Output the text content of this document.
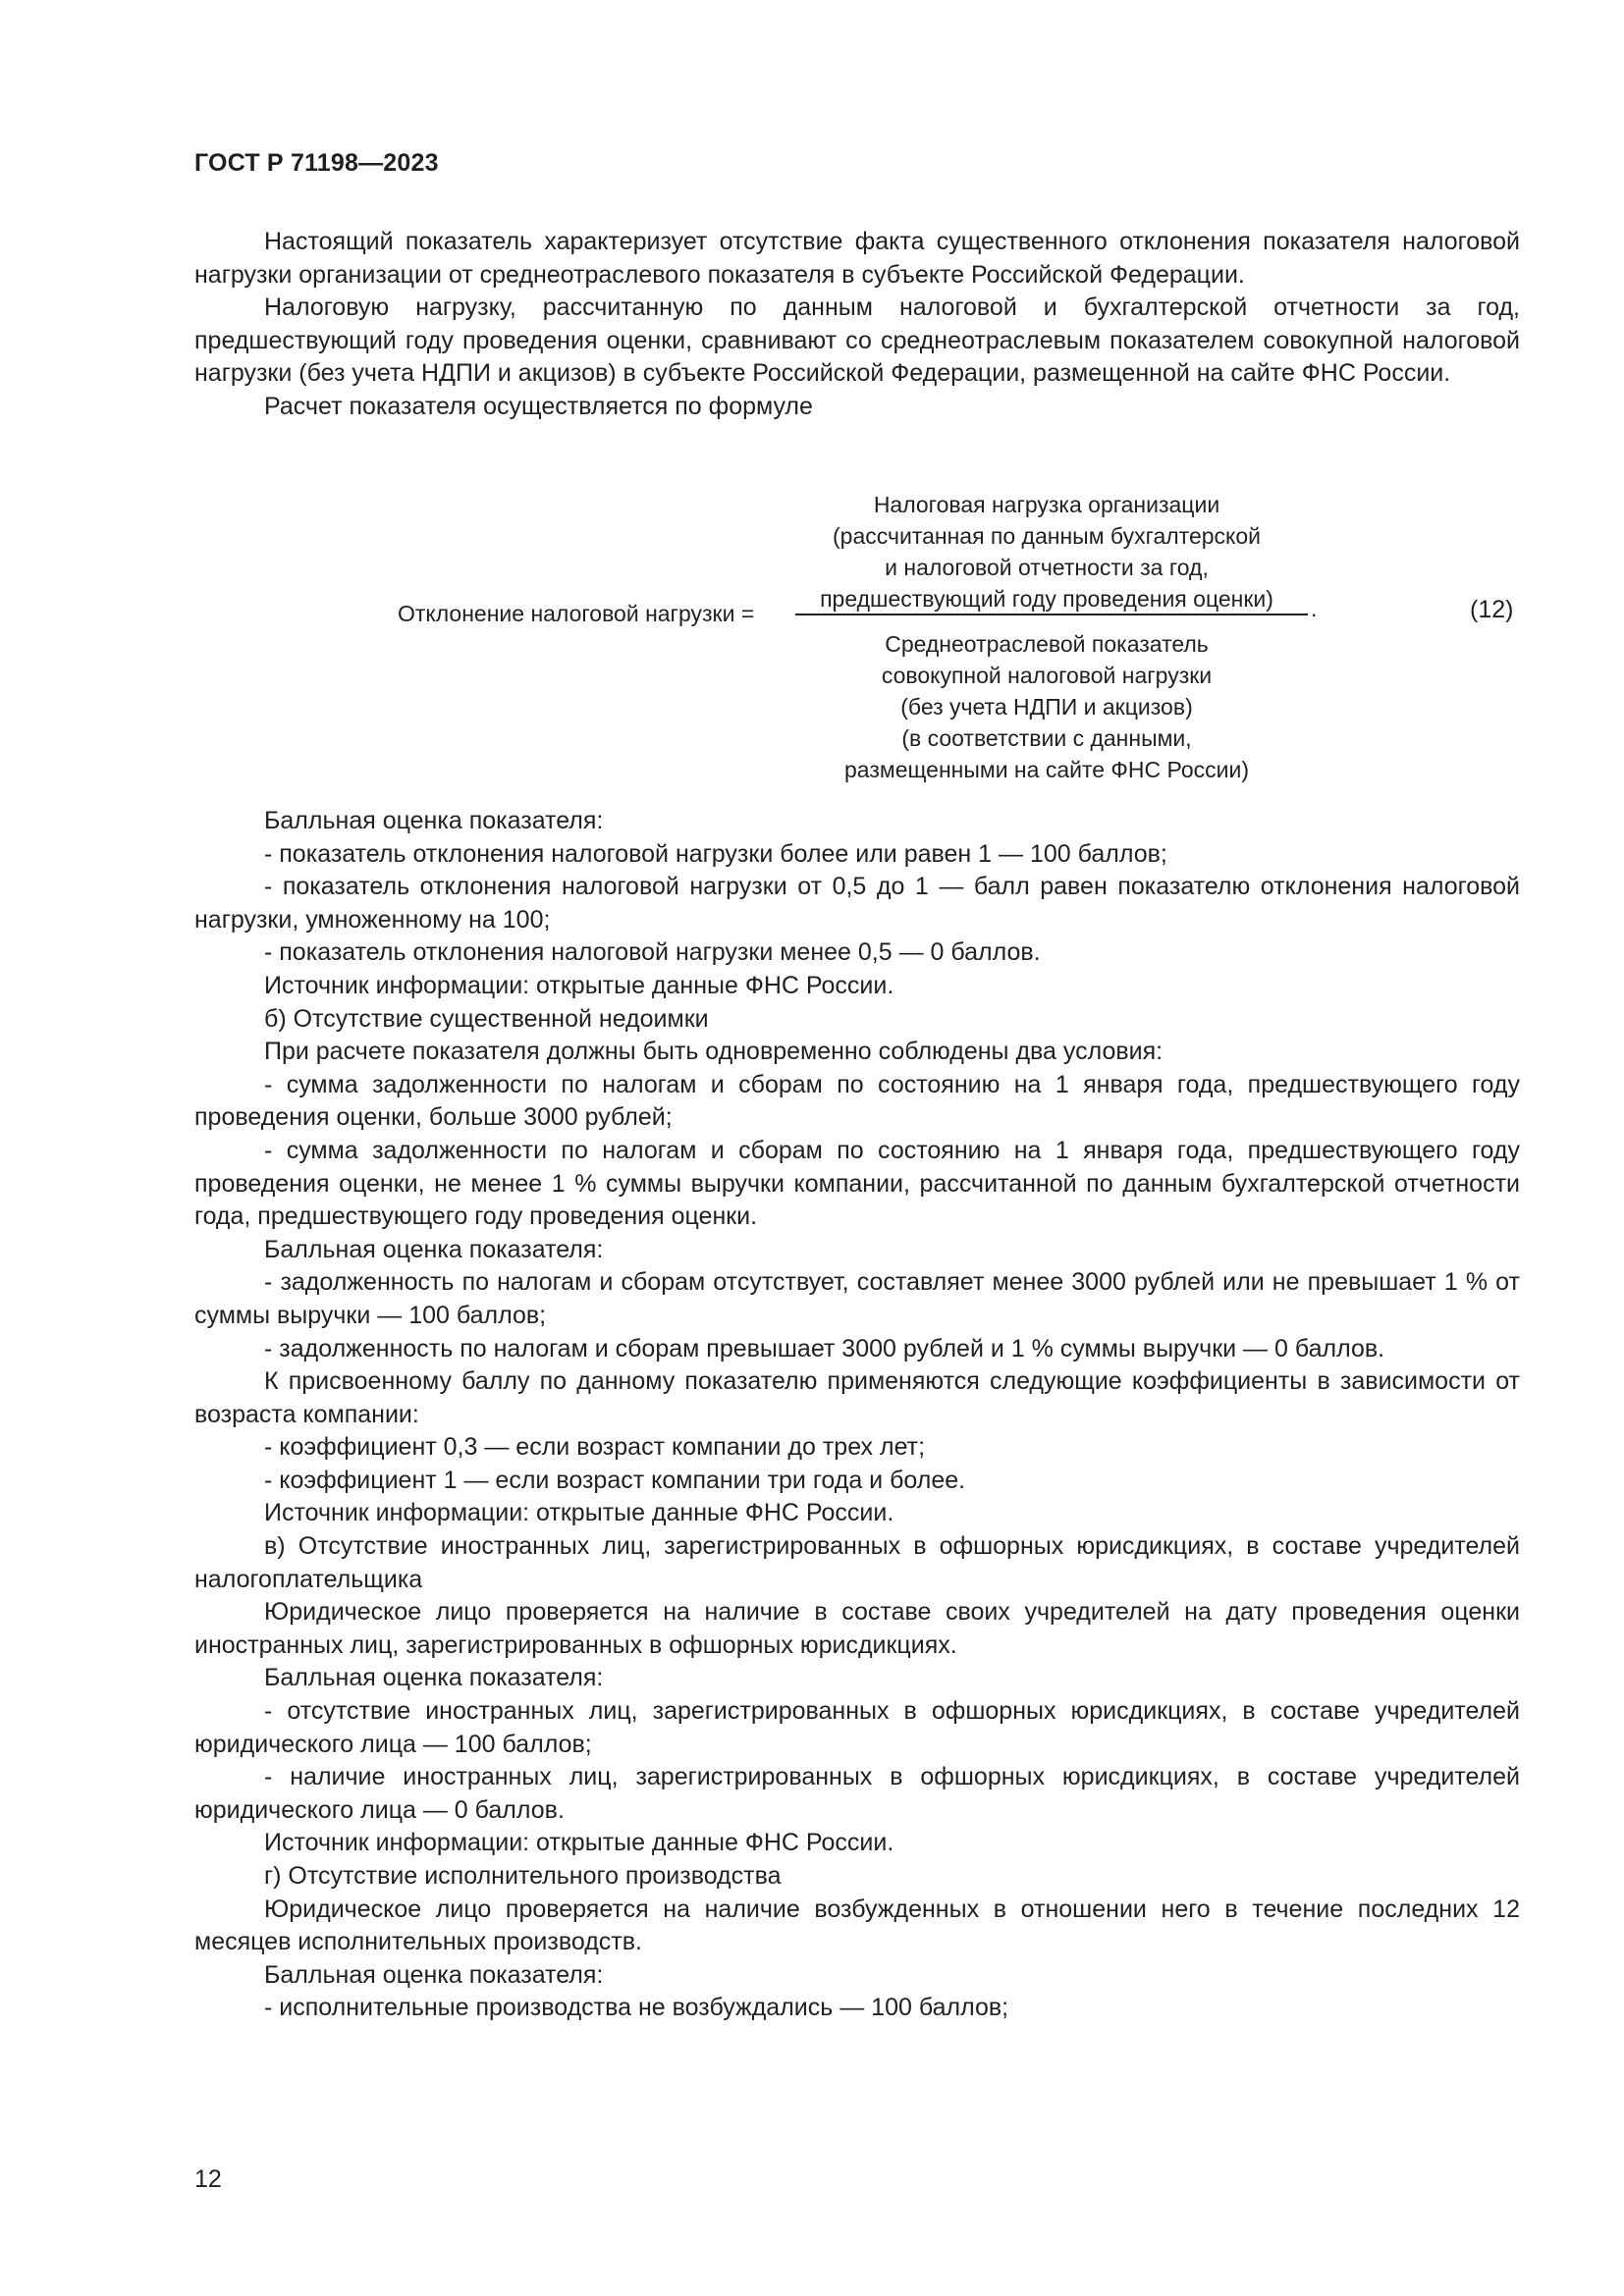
ГОСТ Р 71198—2023

Настоящий показатель характеризует отсутствие факта существенного отклонения показателя налоговой нагрузки организации от среднеотраслевого показателя в субъекте Российской Федерации.

Налоговую нагрузку, рассчитанную по данным налоговой и бухгалтерской отчетности за год, предшествующий году проведения оценки, сравнивают со среднеотраслевым показателем совокупной налоговой нагрузки (без учета НДПИ и акцизов) в субъекте Российской Федерации, размещенной на сайте ФНС России.

Расчет показателя осуществляется по формуле

Отклонение налоговой нагрузки =
Налоговая нагрузка организации
(рассчитанная по данным бухгалтерской
и налоговой отчетности за год,
предшествующий году проведения оценки)	.
Среднеотраслевой показатель
совокупной налоговой нагрузки
(без учета НДПИ и акцизов)
(в соответствии с данными,
размещенными на сайте ФНС России)
(12)

Балльная оценка показателя:

- показатель отклонения налоговой нагрузки более или равен 1 — 100 баллов;

- показатель отклонения налоговой нагрузки от 0,5 до 1 — балл равен показателю отклонения налоговой нагрузки, умноженному на 100;

- показатель отклонения налоговой нагрузки менее 0,5 — 0 баллов.

Источник информации: открытые данные ФНС России.

б) Отсутствие существенной недоимки

При расчете показателя должны быть одновременно соблюдены два условия:

- сумма задолженности по налогам и сборам по состоянию на 1 января года, предшествующего году проведения оценки, больше 3000 рублей;

- сумма задолженности по налогам и сборам по состоянию на 1 января года, предшествующего году проведения оценки, не менее 1 % суммы выручки компании, рассчитанной по данным бухгалтерской отчетности года, предшествующего году проведения оценки.

Балльная оценка показателя:

- задолженность по налогам и сборам отсутствует, составляет менее 3000 рублей или не превышает 1 % от суммы выручки — 100 баллов;

- задолженность по налогам и сборам превышает 3000 рублей и 1 % суммы выручки — 0 баллов.

К присвоенному баллу по данному показателю применяются следующие коэффициенты в зависимости от возраста компании:

- коэффициент 0,3 — если возраст компании до трех лет;

- коэффициент 1 — если возраст компании три года и более.

Источник информации: открытые данные ФНС России.

в) Отсутствие иностранных лиц, зарегистрированных в офшорных юрисдикциях, в составе учредителей налогоплательщика

Юридическое лицо проверяется на наличие в составе своих учредителей на дату проведения оценки иностранных лиц, зарегистрированных в офшорных юрисдикциях.

Балльная оценка показателя:

- отсутствие иностранных лиц, зарегистрированных в офшорных юрисдикциях, в составе учредителей юридического лица — 100 баллов;

- наличие иностранных лиц, зарегистрированных в офшорных юрисдикциях, в составе учредителей юридического лица — 0 баллов.

Источник информации: открытые данные ФНС России.

г) Отсутствие исполнительного производства

Юридическое лицо проверяется на наличие возбужденных в отношении него в течение последних 12 месяцев исполнительных производств.

Балльная оценка показателя:

- исполнительные производства не возбуждались — 100 баллов;

12
